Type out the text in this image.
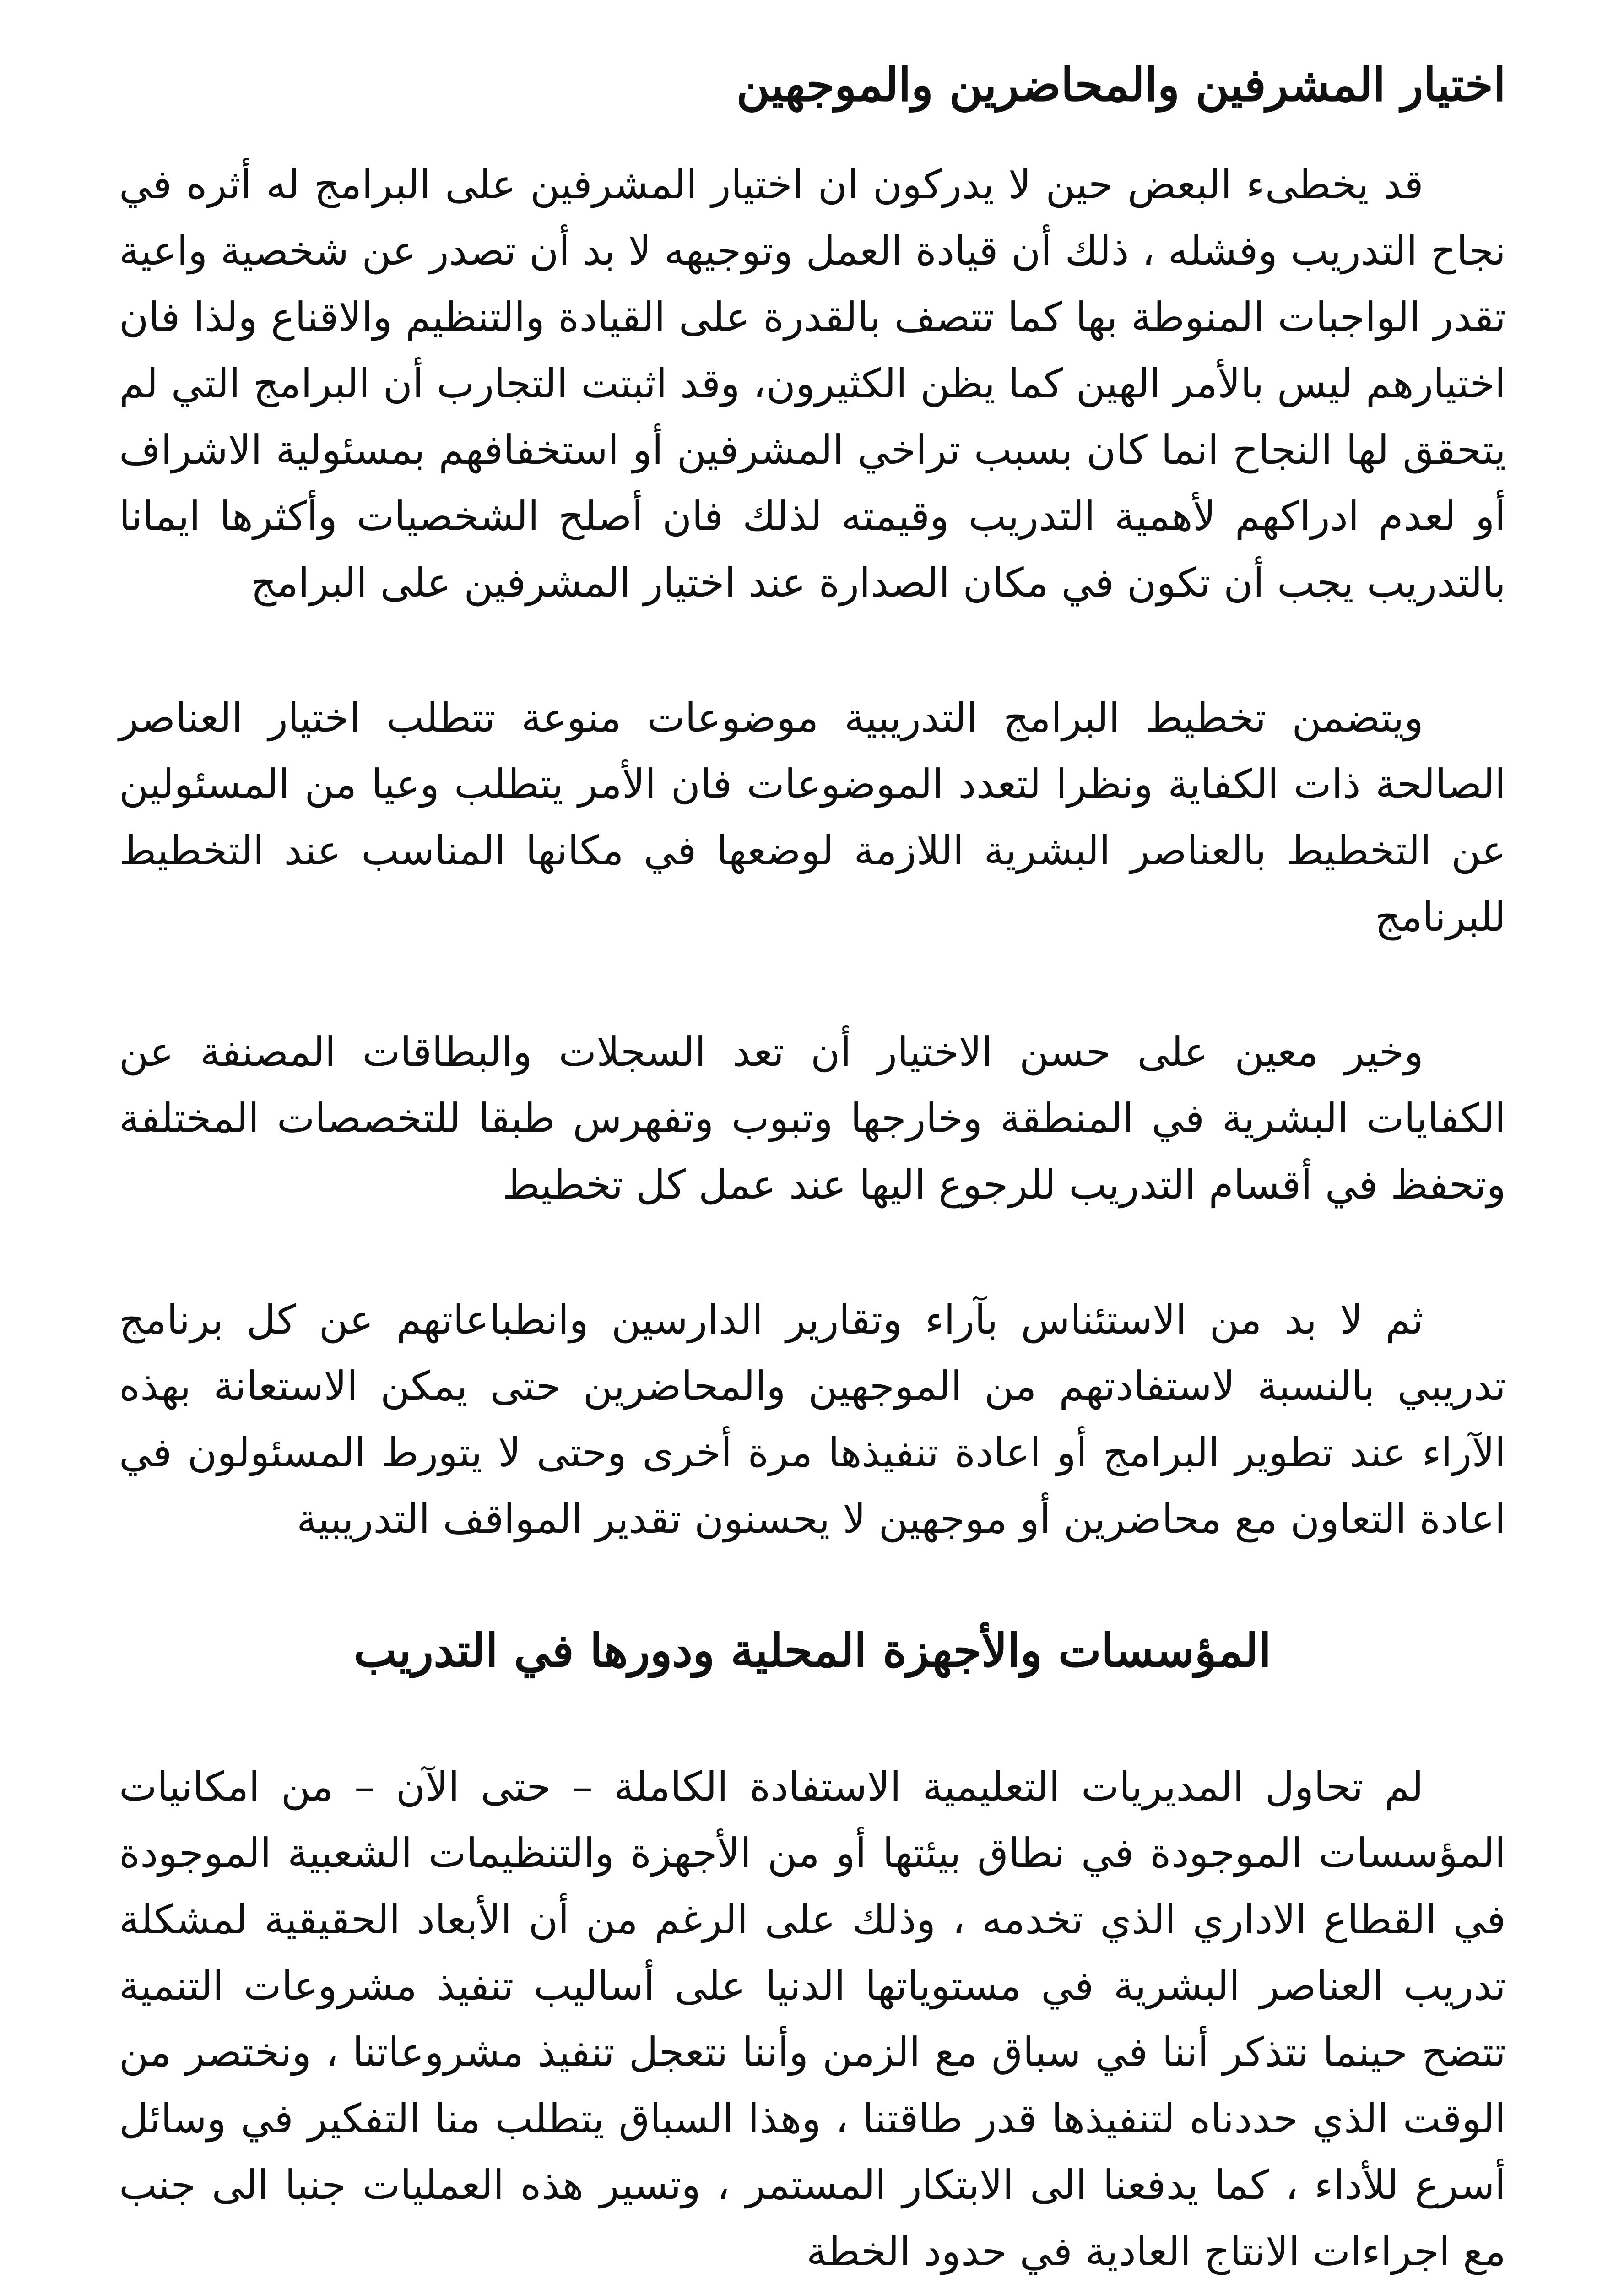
اختيار المشرفين والمحاضرين والموجهين

قد يخطىء البعض حين لا يدركون ان اختيار المشرفين على البرامج له أثره في نجاح التدريب وفشله ، ذلك أن قيادة العمل وتوجيهه لا بد أن تصدر عن شخصية واعية تقدر الواجبات المنوطة بها كما تتصف بالقدرة على القيادة والتنظيم والاقناع ولذا فان اختيارهم ليس بالأمر الهين كما يظن الكثيرون، وقد اثبتت التجارب أن البرامج التي لم يتحقق لها النجاح انما كان بسبب تراخي المشرفين أو استخفافهم بمسئولية الاشراف أو لعدم ادراكهم لأهمية التدريب وقيمته لذلك فان أصلح الشخصيات وأكثرها ايمانا بالتدريب يجب أن تكون في مكان الصدارة عند اختيار المشرفين على البرامج

ويتضمن تخطيط البرامج التدريبية موضوعات منوعة تتطلب اختيار العناصر الصالحة ذات الكفاية ونظرا لتعدد الموضوعات فان الأمر يتطلب وعيا من المسئولين عن التخطيط بالعناصر البشرية اللازمة لوضعها في مكانها المناسب عند التخطيط للبرنامج

وخير معين على حسن الاختيار أن تعد السجلات والبطاقات المصنفة عن الكفايات البشرية في المنطقة وخارجها وتبوب وتفهرس طبقا للتخصصات المختلفة وتحفظ في أقسام التدريب للرجوع اليها عند عمل كل تخطيط

ثم لا بد من الاستئناس بآراء وتقارير الدارسين وانطباعاتهم عن كل برنامج تدريبي بالنسبة لاستفادتهم من الموجهين والمحاضرين حتى يمكن الاستعانة بهذه الآراء عند تطوير البرامج أو اعادة تنفيذها مرة أخرى وحتى لا يتورط المسئولون في اعادة التعاون مع محاضرين أو موجهين لا يحسنون تقدير المواقف التدريبية

المؤسسات والأجهزة المحلية ودورها في التدريب

لم تحاول المديريات التعليمية الاستفادة الكاملة – حتى الآن – من امكانيات المؤسسات الموجودة في نطاق بيئتها أو من الأجهزة والتنظيمات الشعبية الموجودة في القطاع الاداري الذي تخدمه ، وذلك على الرغم من أن الأبعاد الحقيقية لمشكلة تدريب العناصر البشرية في مستوياتها الدنيا على أساليب تنفيذ مشروعات التنمية تتضح حينما نتذكر أننا في سباق مع الزمن وأننا نتعجل تنفيذ مشروعاتنا ، ونختصر من الوقت الذي حددناه لتنفيذها قدر طاقتنا ، وهذا السباق يتطلب منا التفكير في وسائل أسرع للأداء ، كما يدفعنا الى الابتكار المستمر ، وتسير هذه العمليات جنبا الى جنب مع اجراءات الانتاج العادية في حدود الخطة
